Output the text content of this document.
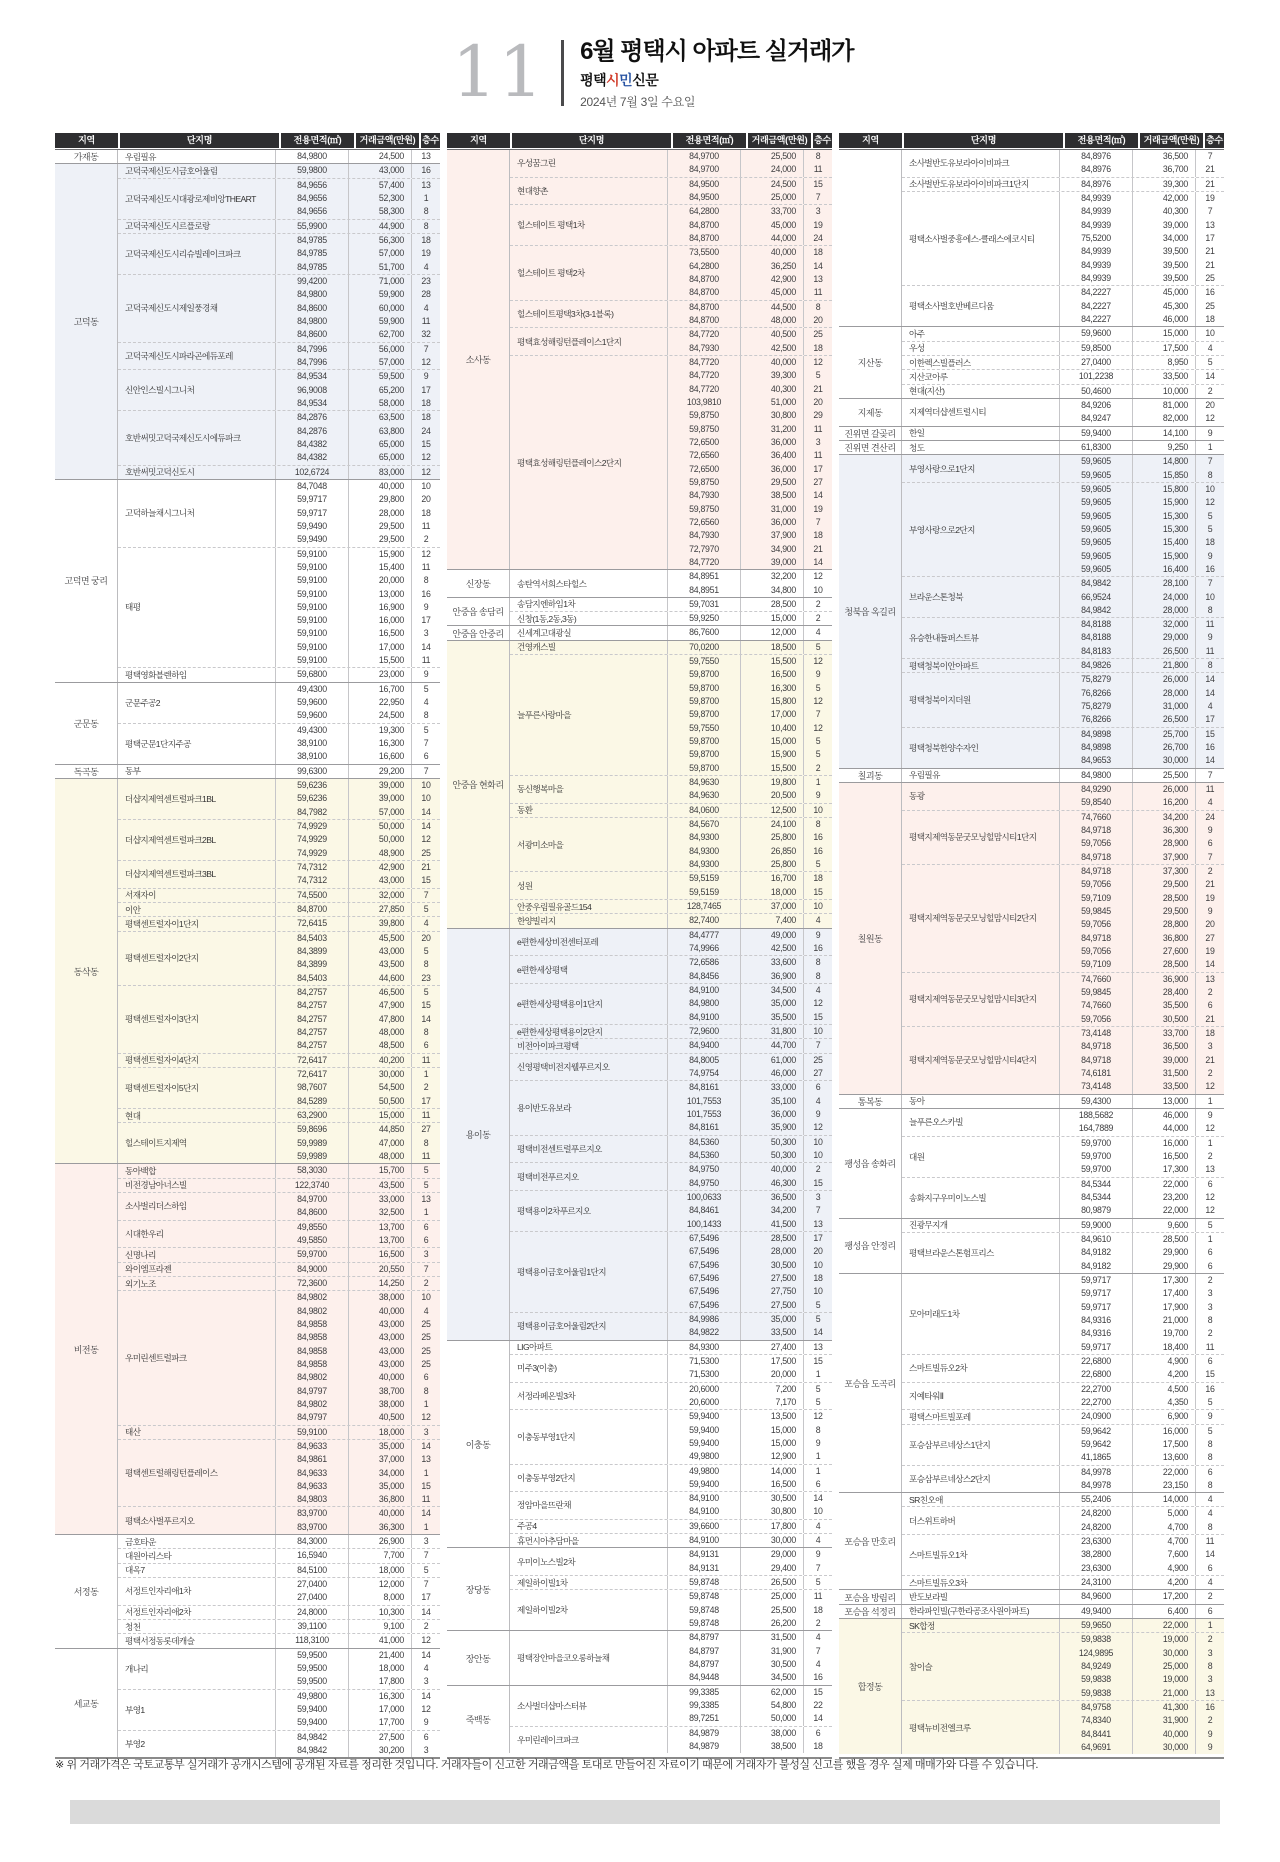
11 6월 평택시 아파트 실거래가
평택시민신문
2024년 7월 3일 수요일
지역	단지명	전용면적(㎡)	거래금액(만원) 층수
가재동	우림필유	84,9800	24,500	13
고덕동
고덕국제신도시금호어울림	59,9800	43,000	16
고덕국제신도시대광로제비앙THEART
84,9656	57,400	13
84,9656	52,300	1
84,9656	58,300	8
고덕국제신도시르플로랑	55,9900	44,900	8
고덕국제신도시리슈빌레이크파크
84,9785	56,300	18
84,9785	57,000	19
84,9785	51,700	4
고덕국제신도시제일풍경채
99,4200	71,000	23
84,9800	59,900	28
84,8600	60,000	4
84,9800	59,900	11
84,8600	62,700	32
고덕국제신도시파라곤에듀포레
84,7996	56,000	7
84,7996	57,000	12
신안인스빌시그니처
84,9534	59,500	9
96,9008	65,200	17
84,9534	58,000	18
호반써밋고덕국제신도시에듀파크
84,2876	63,500	18
84,2876	63,800	24
84,4382	65,000	15
84,4382	65,000	12
호반써밋고덕신도시	102,6724	83,000	12
고덕면 궁리
고덕하늘채시그니처
84,7048	40,000	10
59,9717	29,800	20
59,9717	28,000	18
59,9490	29,500	11
59,9490	29,500	2
태평
59,9100	15,900	12
59,9100	15,400	11
59,9100	20,000	8
59,9100	13,000	16
59,9100	16,900	9
59,9100	16,000	17
59,9100	16,500	3
59,9100	17,000	14
59,9100	15,500	11
평택영화블렌하임	59,6800	23,000	9
군문동
군문주공2
49,4300	16,700	5
59,9600	22,950	4
59,9600	24,500	8
평택군문1단지주공
49,4300	19,300	5
38,9100	16,300	7
38,9100	16,600	6
독곡동	동부	99,6300	29,200	7
동삭동
더샵지제역센트럴파크1BL
59,6236	39,000	10
59,6236	39,000	10
84,7982	57,000	14
더샵지제역센트럴파크2BL
74,9929	50,000	14
74,9929	50,000	12
74,9929	48,900	25
더샵지제역센트럴파크3BL
74,7312	42,900	21
74,7312	43,000	15
서재자이	74,5500	32,000	7
이안	84,8700	27,850	5
평택센트럴자이1단지	72,6415	39,800	4
평택센트럴자이2단지
84,5403	45,500	20
84,3899	43,000	5
84,3899	43,500	8
84,5403	44,600	23
평택센트럴자이3단지
84,2757	46,500	5
84,2757	47,900	15
84,2757	47,800	14
84,2757	48,000	8
84,2757	48,500	6
평택센트럴자이4단지	72,6417	40,200	11
평택센트럴자이5단지
72,6417	30,000	1
98,7607	54,500	2
84,5289	50,500	17
현대	63,2900	15,000	11
힐스테이트지제역
59,8696	44,850	27
59,9989	47,000	8
59,9989	48,000	11
비전동
동아백합	58,3030	15,700	5
비전경남아너스빌	122,3740	43,500	5
소사벌리더스하임
84,9700	33,000	13
84,8600	32,500	1
시대한우리
49,8550	13,700	6
49,5850	13,700	6
신명나리	59,9700	16,500	3
와이엠프라젠	84,9000	20,550	7
외기노조	72,3600	14,250	2
우미린센트럴파크
84,9802	38,000	10
84,9802	40,000	4
84,9858	43,000	25
84,9858	43,000	25
84,9858	43,000	25
84,9858	43,000	25
84,9802	40,000	6
84,9797	38,700	8
84,9802	38,000	1
84,9797	40,500	12
태산	59,9100	18,000	3
평택센트럴해링턴플레이스
84,9633	35,000	14
84,9861	37,000	13
84,9633	34,000	1
84,9633	35,000	15
84,9803	36,800	11
평택소사벌푸르지오
83,9700	40,000	14
83,9700	36,300	1
서정동
금호타운	84,3000	26,900	3
대원아리스타	16,5940	7,700	7
대옥7	84,5100	18,000	5
서정트인자리애1차
27,0400	12,000	7
27,0400	8,000	17
서정트인자리애2차	24,8000	10,300	14
청천	39,1100	9,100	2
평택서정동롯데캐슬	118,3100	41,000	12
세교동
개나리
59,9500	21,400	14
59,9500	18,000	4
59,9500	17,800	3
부영1
49,9800	16,300	14
59,9400	17,000	12
59,9400	17,700	9
부영2
84,9842	27,500	6
84,9842	30,200	3
지역	단지명	전용면적(㎡)	거래금액(만원) 층수
소사동
우성꿈그린
84,9700	25,500	8
84,9700	24,000	11
현대향촌
84,9500	24,500	15
84,9500	25,000	7
힐스테이트 평택1차
64,2800	33,700	3
84,8700	45,000	19
84,8700	44,000	24
힐스테이트 평택2차
73,5500	40,000	18
64,2800	36,250	14
84,8700	42,900	13
84,8700	45,000	11
힐스테이트평택3차(3-1블록)
84,8700	44,500	8
84,8700	48,000	20
평택효성해링턴플레이스1단지
84,7720	40,500	25
84,7930	42,500	18
평택효성해링턴플레이스2단지
84,7720	40,000	12
84,7720	39,300	5
84,7720	40,300	21
103,9810	51,000	20
59,8750	30,800	29
59,8750	31,200	11
72,6500	36,000	3
72,6560	36,400	11
72,6500	36,000	17
59,8750	29,500	27
84,7930	38,500	14
59,8750	31,000	19
72,6560	36,000	7
84,7930	37,900	18
72,7970	34,900	21
84,7720	39,000	14
신장동	송탄역서희스타힐스
84,8951	32,200	12
84,8951	34,800	10
안중읍 송담리
송담지엔하임1차	59,7031	28,500	2
신창(1동,2동,3동)	59,9250	15,000	2
안중읍 안중리	신세계고대광실	86,7600	12,000	4
안중읍 현화리
건영캐스빌	70,0200	18,500	5
늘푸른사랑마을
59,7550	15,500	12
59,8700	16,500	9
59,8700	16,300	5
59,8700	15,800	12
59,8700	17,000	7
59,7550	10,400	12
59,8700	15,000	5
59,8700	15,900	5
59,8700	15,500	2
동신행복마을
84,9630	19,800	1
84,9630	20,500	9
동환	84,0600	12,500	10
서광미소마을
84,5670	24,100	8
84,9300	25,800	16
84,9300	26,850	16
84,9300	25,800	5
성원
59,5159	16,700	18
59,5159	18,000	15
안중우림필유골드154	128,7465	37,000	10
한양빌리지	82,7400	7,400	4
용이동
e편한세상비전센터포레
84,4777	49,000	9
74,9966	42,500	16
e편한세상평택
72,6586	33,600	8
84,8456	36,900	8
e편한세상평택용이1단지
84,9100	34,500	4
84,9800	35,000	12
84,9100	35,500	15
e편한세상평택용이2단지	72,9600	31,800	10
비전아이파크평택	84,9400	44,700	7
신영평택비전지웰푸르지오
84,8005	61,000	25
74,9754	46,000	27
용이반도유보라
84,8161	33,000	6
101,7553	35,100	4
101,7553	36,000	9
84,8161	35,900	12
평택비전센트럴푸르지오
84,5360	50,300	10
84,5360	50,300	10
평택비전푸르지오
84,9750	40,000	2
84,9750	46,300	15
평택용이2차푸르지오
100,0633	36,500	3
84,8461	34,200	7
100,1433	41,500	13
평택용이금호어울림1단지
67,5496	28,500	17
67,5496	28,000	20
67,5496	30,500	10
67,5496	27,500	18
67,5496	27,750	10
67,5496	27,500	5
평택용이금호어울림2단지
84,9986	35,000	5
84,9822	33,500	14
이충동
LIG아파트	84,9300	27,400	13
미주3(이충)
71,5300	17,500	15
71,5300	20,000	1
서정라페온빌3차
20,6000	7,200	5
20,6000	7,170	5
이충동부영1단지
59,9400	13,500	12
59,9400	15,000	8
59,9400	15,000	9
49,9800	12,900	1
이충동부영2단지
49,9800	14,000	1
59,9400	16,500	6
정암마을뜨란채
84,9100	30,500	14
84,9100	30,800	10
주공4	39,6600	17,800	4
휴먼시아추담마을	84,9100	30,000	4
장당동
우미이노스빌2차
84,9131	29,000	9
84,9131	29,400	7
제일하이빌1차	59,8748	26,500	5
제일하이빌2차
59,8748	25,000	11
59,8748	25,500	18
59,8748	26,200	2
장안동	평택장안마을코오롱하늘채
84,8797	31,500	4
84,8797	31,900	7
84,8797	30,500	4
84,9448	34,500	16
죽백동
소사벌더샵마스터뷰
99,3385	62,000	15
99,3385	54,800	22
89,7251	50,000	14
우미린레이크파크
84,9879	38,000	6
84,9879	38,500	18
지역	단지명	전용면적(㎡)	거래금액(만원) 층수
소사벌반도유보라아이비파크
84,8976	36,500	7
84,8976	36,700	21
소사벌반도유보라아이비파크1단지	84,8976	39,300	21
평택소사벌중흥에스-클래스에코시티
84,9939	42,000	19
84,9939	40,300	7
84,9939	39,000	13
75,5200	34,000	17
84,9939	39,500	21
84,9939	39,500	21
84,9939	39,500	25
평택소사벌호반베르디움
84,2227	45,000	16
84,2227	45,300	25
84,2227	46,000	18
지산동
아주	59,9600	15,000	10
우성	59,8500	17,500	4
이한렉스빌플러스	27,0400	8,950	5
지산코아루	101,2238	33,500	14
현대(지산)	50,4600	10,000	2
지제동	지제역더샵센트럴시티
84,9206	81,000	20
84,9247	82,000	12
진위면 갈곶리	한일	59,9400	14,100	9
진위면 견산리	청도	61,8300	9,250	1
청북읍 옥길리
부영사랑으로1단지
59,9605	14,800	7
59,9605	15,850	8
부영사랑으로2단지
59,9605	15,800	10
59,9605	15,900	12
59,9605	15,300	5
59,9605	15,300	5
59,9605	15,400	18
59,9605	15,900	9
59,9605	16,400	16
브라운스톤청북
84,9842	28,100	7
66,9524	24,000	10
84,9842	28,000	8
유승한내들퍼스트뷰
84,8188	32,000	11
84,8188	29,000	9
84,8183	26,500	11
평택청북이안아파트	84,9826	21,800	8
평택청북이지더원
75,8279	26,000	14
76,8266	28,000	14
75,8279	31,000	4
76,8266	26,500	17
평택청북한양수자인
84,9898	25,700	15
84,9898	26,700	16
84,9653	30,000	14
칠괴동	우림필유	84,9800	25,500	7
칠원동
동광
84,9290	26,000	11
59,8540	16,200	4
평택지제역동문굿모닝힐맘시티1단지
74,7660	34,200	24
84,9718	36,300	9
59,7056	28,900	6
84,9718	37,900	7
평택지제역동문굿모닝힐맘시티2단지
84,9718	37,300	2
59,7056	29,500	21
59,7109	28,500	19
59,9845	29,500	9
59,7056	28,800	20
84,9718	36,800	27
59,7056	27,600	19
59,7109	28,500	14
평택지제역동문굿모닝힐맘시티3단지
74,7660	36,900	13
59,9845	28,400	2
74,7660	35,500	6
59,7056	30,500	21
평택지제역동문굿모닝힐맘시티4단지
73,4148	33,700	18
84,9718	36,500	3
84,9718	39,000	21
74,6181	31,500	2
73,4148	33,500	12
통복동	동아	59,4300	13,000	1
팽성읍 송화리
늘푸른오스카빌
188,5682	46,000	9
164,7889	44,000	12
대원
59,9700	16,000	1
59,9700	16,500	2
59,9700	17,300	13
송화지구우미이노스빌
84,5344	22,000	6
84,5344	23,200	12
80,9879	22,000	12
팽성읍 안정리
진광무지개	59,9000	9,600	5
평택브라운스톤험프리스
84,9610	28,500	1
84,9182	29,900	6
84,9182	29,900	6
포승읍 도곡리
모아미래도1차
59,9717	17,300	2
59,9717	17,400	3
59,9717	17,900	3
84,9316	21,000	8
84,9316	19,700	2
59,9717	18,400	11
스마트빌듀오2차
22,6800	4,900	6
22,6800	4,200	15
지예타워Ⅱ
22,2700	4,500	16
22,2700	4,350	5
평택스마트빌포레	24,0900	6,900	9
포승삼부르네상스1단지
59,9642	16,000	5
59,9642	17,500	8
41,1865	13,600	8
포승삼부르네상스2단지
84,9978	22,000	6
84,9978	23,150	8
포승읍 만호리
SR친오애	55,2406	14,000	4
더스위트하버
24,8200	5,000	4
24,8200	4,700	8
스마트빌듀오1차
23,6300	4,700	11
38,2800	7,600	14
23,6300	4,900	6
스마트빌듀오3차	24,3100	4,200	4
포승읍 방림리	반도보라빌	84,9600	17,200	2
포승읍 석정리	한라파인빌(구한라공조사원아파트)	49,9400	6,400	6
합정동
SK합정	59,9650	22,000	1
참이슬
59,9838	19,000	2
124,9895	30,000	3
84,9249	25,000	8
59,9838	19,000	3
59,9838	21,000	13
평택뉴비전엘크루
84,9758	41,300	16
74,8340	31,900	2
84,8441	40,000	9
64,9691	30,000	9
※ 위 거래가격은 국토교통부 실거래가 공개시스템에 공개된 자료를 정리한 것입니다. 거래자들이 신고한 거래금액을 토대로 만들어진 자료이기 때문에 거래자가 불성실 신고를 했을 경우 실제 매매가와 다를 수 있습니다.
